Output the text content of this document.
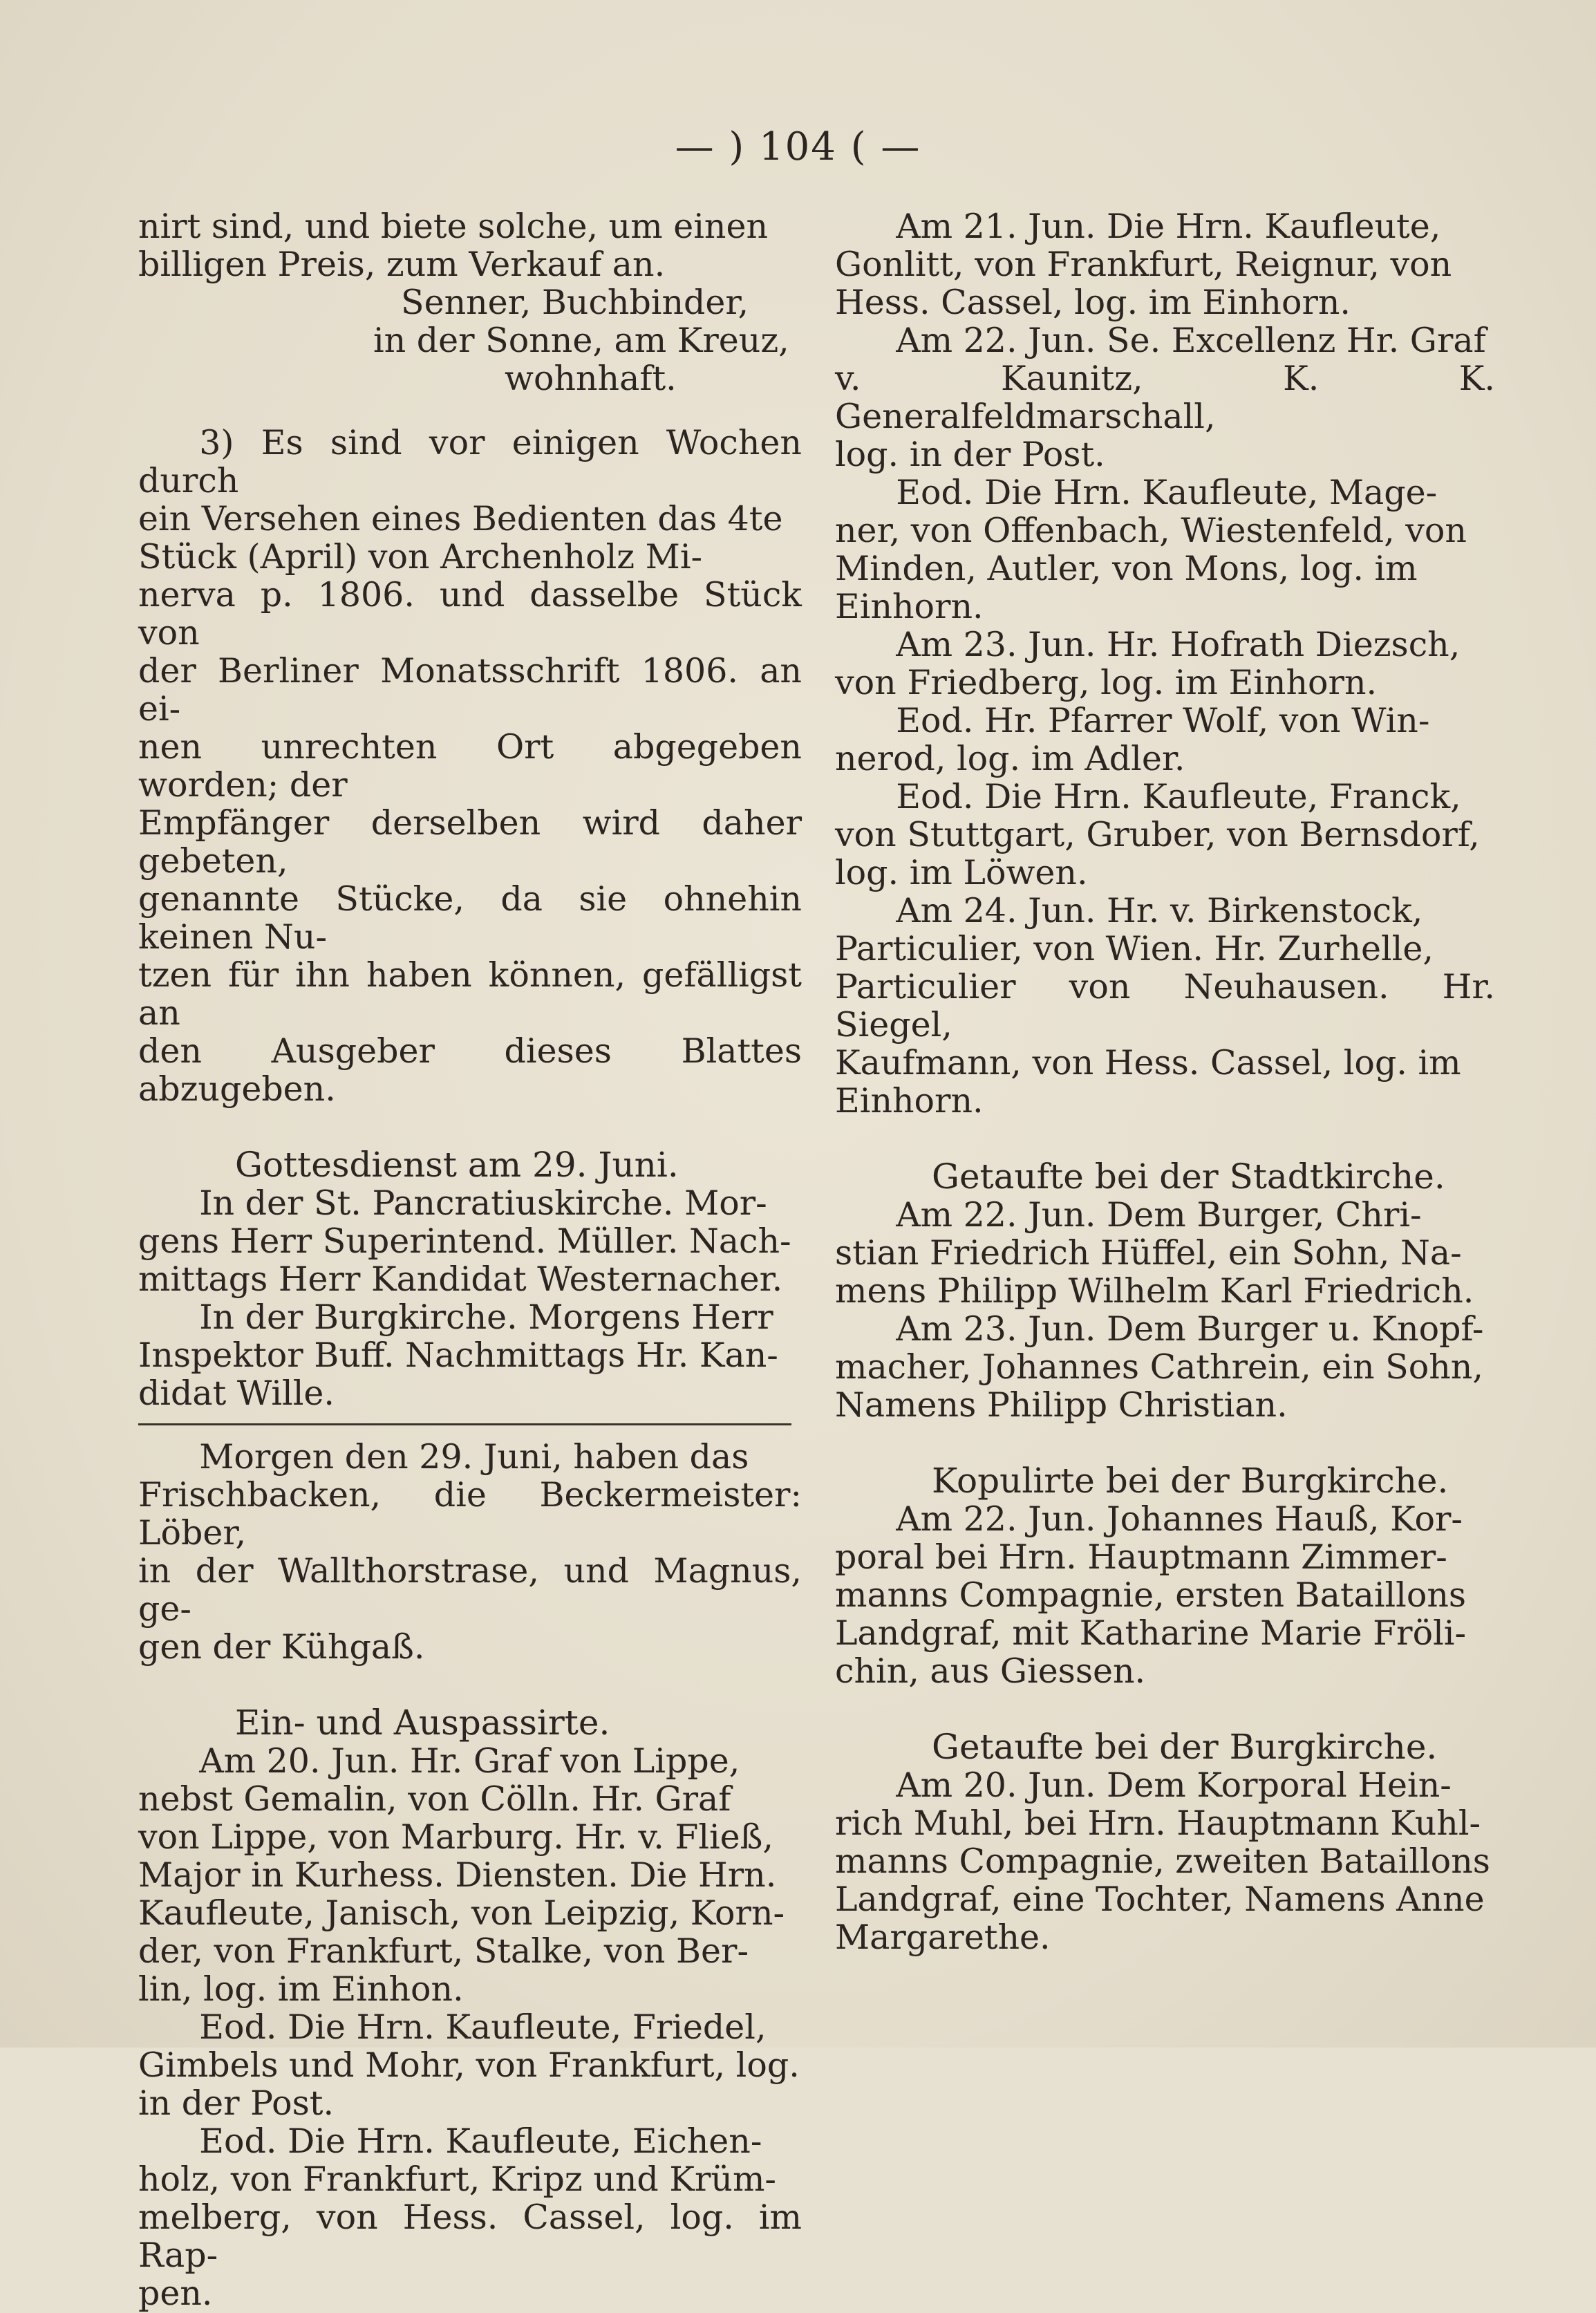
— ) 104 ( —

nirt sind, und biete solche, um einen

billigen Preis, zum Verkauf an.

Senner, Buchbinder,

in der Sonne, am Kreuz,

wohnhaft.

3) Es sind vor einigen Wochen durch

ein Versehen eines Bedienten das 4te

Stück (April) von Archenholz Mi-

nerva p. 1806. und dasselbe Stück von

der Berliner Monatsschrift 1806. an ei-

nen unrechten Ort abgegeben worden; der

Empfänger derselben wird daher gebeten,

genannte Stücke, da sie ohnehin keinen Nu-

tzen für ihn haben können, gefälligst an

den Ausgeber dieses Blattes abzugeben.

Gottesdienst am 29. Juni.

In der St. Pancratiuskirche. Mor-

gens Herr Superintend. Müller. Nach-

mittags Herr Kandidat Westernacher.

In der Burgkirche. Morgens Herr

Inspektor Buff. Nachmittags Hr. Kan-

didat Wille.

Morgen den 29. Juni, haben das

Frischbacken, die Beckermeister: Löber,

in der Wallthorstrase, und Magnus, ge-

gen der Kühgaß.

Ein- und Auspassirte.

Am 20. Jun. Hr. Graf von Lippe,

nebst Gemalin, von Cölln. Hr. Graf

von Lippe, von Marburg. Hr. v. Fließ,

Major in Kurhess. Diensten. Die Hrn.

Kaufleute, Janisch, von Leipzig, Korn-

der, von Frankfurt, Stalke, von Ber-

lin, log. im Einhon.

Eod. Die Hrn. Kaufleute, Friedel,

Gimbels und Mohr, von Frankfurt, log.

in der Post.

Eod. Die Hrn. Kaufleute, Eichen-

holz, von Frankfurt, Kripz und Krüm-

melberg, von Hess. Cassel, log. im Rap-

pen.

Am 21. Jun. Die Hrn. Kaufleute,

Gonlitt, von Frankfurt, Reignur, von

Hess. Cassel, log. im Einhorn.

Am 22. Jun. Se. Excellenz Hr. Graf

v. Kaunitz, K. K. Generalfeldmarschall,

log. in der Post.

Eod. Die Hrn. Kaufleute, Mage-

ner, von Offenbach, Wiestenfeld, von

Minden, Autler, von Mons, log. im

Einhorn.

Am 23. Jun. Hr. Hofrath Diezsch,

von Friedberg, log. im Einhorn.

Eod. Hr. Pfarrer Wolf, von Win-

nerod, log. im Adler.

Eod. Die Hrn. Kaufleute, Franck,

von Stuttgart, Gruber, von Bernsdorf,

log. im Löwen.

Am 24. Jun. Hr. v. Birkenstock,

Particulier, von Wien. Hr. Zurhelle,

Particulier von Neuhausen. Hr. Siegel,

Kaufmann, von Hess. Cassel, log. im

Einhorn.

Getaufte bei der Stadtkirche.

Am 22. Jun. Dem Burger, Chri-

stian Friedrich Hüffel, ein Sohn, Na-

mens Philipp Wilhelm Karl Friedrich.

Am 23. Jun. Dem Burger u. Knopf-

macher, Johannes Cathrein, ein Sohn,

Namens Philipp Christian.

Kopulirte bei der Burgkirche.

Am 22. Jun. Johannes Hauß, Kor-

poral bei Hrn. Hauptmann Zimmer-

manns Compagnie, ersten Bataillons

Landgraf, mit Katharine Marie Fröli-

chin, aus Giessen.

Getaufte bei der Burgkirche.

Am 20. Jun. Dem Korporal Hein-

rich Muhl, bei Hrn. Hauptmann Kuhl-

manns Compagnie, zweiten Bataillons

Landgraf, eine Tochter, Namens Anne

Margarethe.
